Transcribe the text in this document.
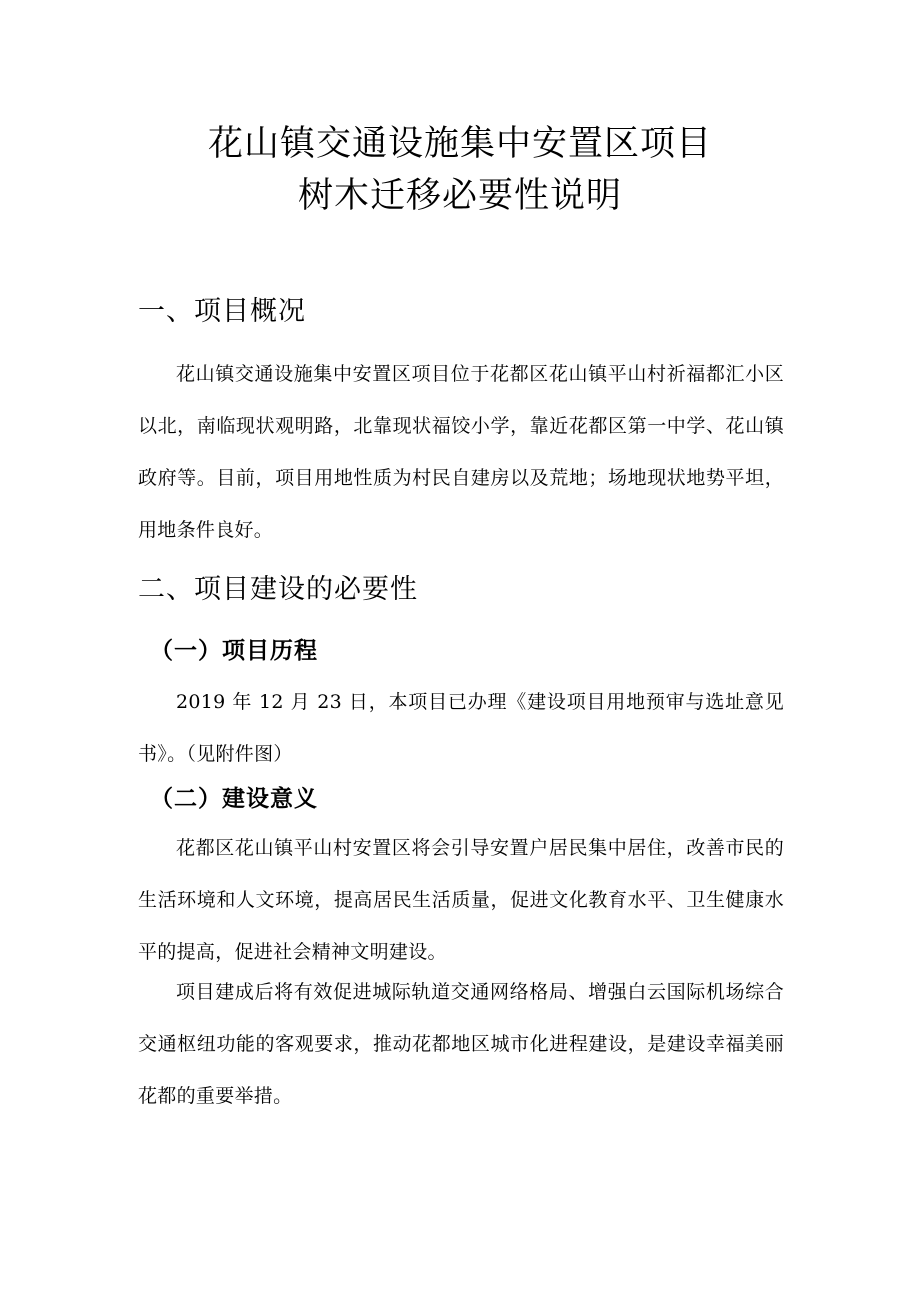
花山镇交通设施集中安置区项目
树木迁移必要性说明
一、项目概况

花山镇交通设施集中安置区项目位于花都区花山镇平山村祈福都汇小区以北，南临现状观明路，北靠现状福饺小学，靠近花都区第一中学、花山镇政府等。目前，项目用地性质为村民自建房以及荒地；场地现状地势平坦，用地条件良好。

二、项目建设的必要性
（一）项目历程

2019 年 12 月 23 日，本项目已办理《建设项目用地预审与选址意见书》。（见附件图）

（二）建设意义

花都区花山镇平山村安置区将会引导安置户居民集中居住，改善市民的生活环境和人文环境，提高居民生活质量，促进文化教育水平、卫生健康水平的提高，促进社会精神文明建设。

项目建成后将有效促进城际轨道交通网络格局、增强白云国际机场综合交通枢纽功能的客观要求，推动花都地区城市化进程建设，是建设幸福美丽花都的重要举措。
